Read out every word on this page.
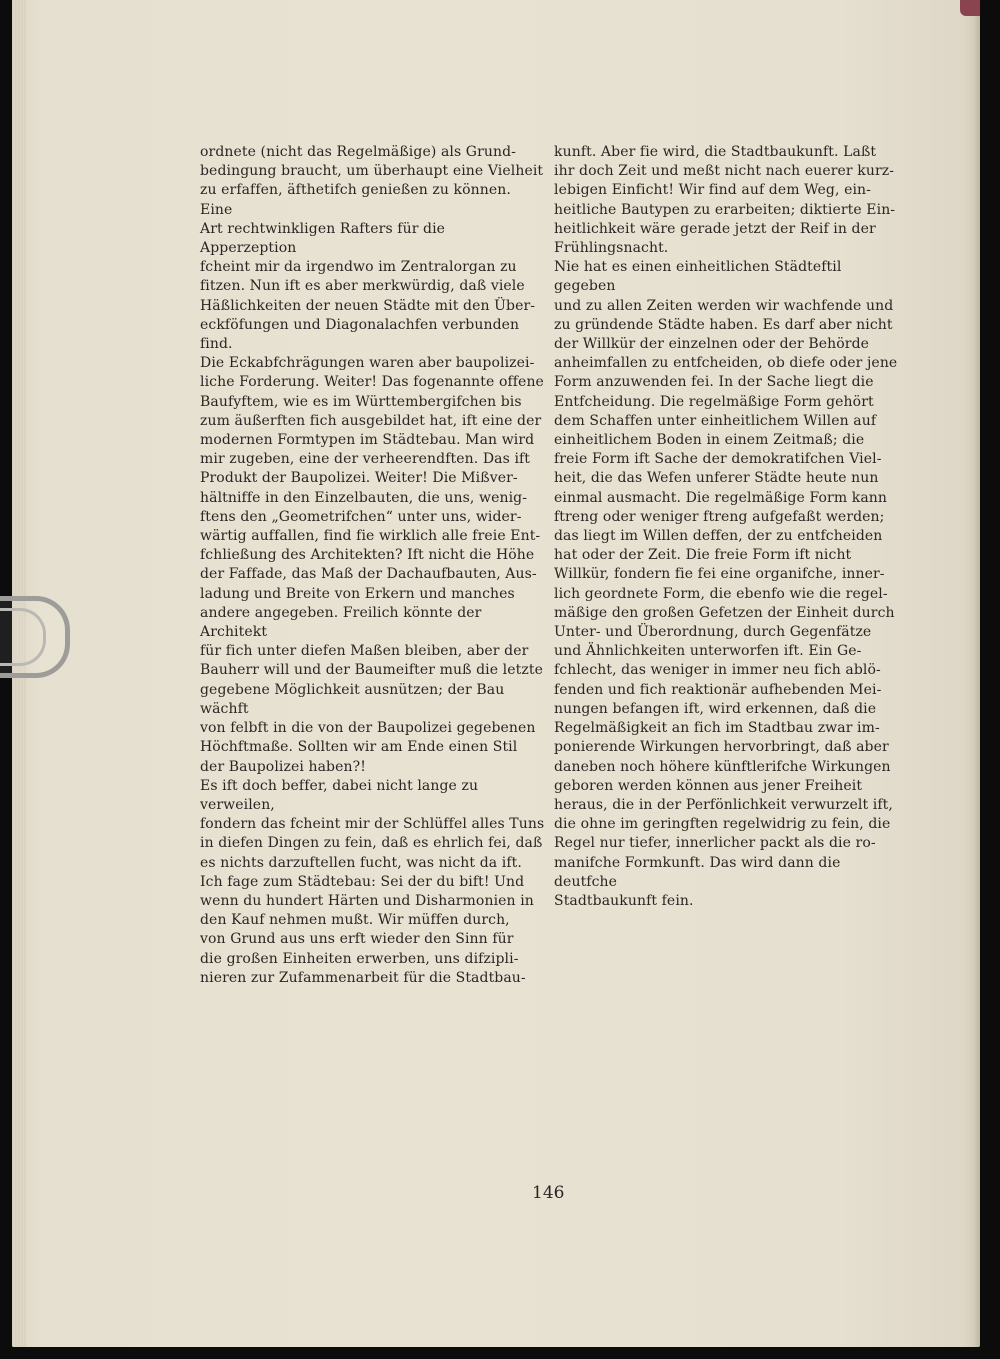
ordnete (nicht das Regelmäßige) als Grund-
bedingung braucht, um überhaupt eine Vielheit
zu erfaffen, äfthetifch genießen zu können. Eine
Art rechtwinkligen Rafters für die Apperzeption
fcheint mir da irgendwo im Zentralorgan zu
fitzen. Nun ift es aber merkwürdig, daß viele
Häßlichkeiten der neuen Städte mit den Über-
eckföfungen und Diagonalachfen verbunden find.
Die Eckabfchrägungen waren aber baupolizei-
liche Forderung. Weiter! Das fogenannte offene
Baufyftem, wie es im Württembergifchen bis
zum äußerften fich ausgebildet hat, ift eine der
modernen Formtypen im Städtebau. Man wird
mir zugeben, eine der verheerendften. Das ift
Produkt der Baupolizei. Weiter! Die Mißver-
hältniffe in den Einzelbauten, die uns, wenig-
ftens den „Geometrifchen“ unter uns, wider-
wärtig auffallen, find fie wirklich alle freie Ent-
fchließung des Architekten? Ift nicht die Höhe
der Faffade, das Maß der Dachaufbauten, Aus-
ladung und Breite von Erkern und manches
andere angegeben. Freilich könnte der Architekt
für fich unter diefen Maßen bleiben, aber der
Bauherr will und der Baumeifter muß die letzte
gegebene Möglichkeit ausnützen; der Bau wächft
von felbft in die von der Baupolizei gegebenen
Höchftmaße. Sollten wir am Ende einen Stil
der Baupolizei haben?!

Es ift doch beffer, dabei nicht lange zu verweilen,
fondern das fcheint mir der Schlüffel alles Tuns
in diefen Dingen zu fein, daß es ehrlich fei, daß
es nichts darzuftellen fucht, was nicht da ift.
Ich fage zum Städtebau: Sei der du bift! Und
wenn du hundert Härten und Disharmonien in
den Kauf nehmen mußt. Wir müffen durch,
von Grund aus uns erft wieder den Sinn für
die großen Einheiten erwerben, uns difzipli-
nieren zur Zufammenarbeit für die Stadtbau-

kunft. Aber fie wird, die Stadtbaukunft. Laßt
ihr doch Zeit und meßt nicht nach euerer kurz-
lebigen Einficht! Wir find auf dem Weg, ein-
heitliche Bautypen zu erarbeiten; diktierte Ein-
heitlichkeit wäre gerade jetzt der Reif in der
Frühlingsnacht.

Nie hat es einen einheitlichen Städteftil gegeben
und zu allen Zeiten werden wir wachfende und
zu gründende Städte haben. Es darf aber nicht
der Willkür der einzelnen oder der Behörde
anheimfallen zu entfcheiden, ob diefe oder jene
Form anzuwenden fei. In der Sache liegt die
Entfcheidung. Die regelmäßige Form gehört
dem Schaffen unter einheitlichem Willen auf
einheitlichem Boden in einem Zeitmaß; die
freie Form ift Sache der demokratifchen Viel-
heit, die das Wefen unferer Städte heute nun
einmal ausmacht. Die regelmäßige Form kann
ftreng oder weniger ftreng aufgefaßt werden;
das liegt im Willen deffen, der zu entfcheiden
hat oder der Zeit. Die freie Form ift nicht
Willkür, fondern fie fei eine organifche, inner-
lich geordnete Form, die ebenfo wie die regel-
mäßige den großen Gefetzen der Einheit durch
Unter- und Überordnung, durch Gegenfätze
und Ähnlichkeiten unterworfen ift. Ein Ge-
fchlecht, das weniger in immer neu fich ablö-
fenden und fich reaktionär aufhebenden Mei-
nungen befangen ift, wird erkennen, daß die
Regelmäßigkeit an fich im Stadtbau zwar im-
ponierende Wirkungen hervorbringt, daß aber
daneben noch höhere künftlerifche Wirkungen
geboren werden können aus jener Freiheit
heraus, die in der Perfönlichkeit verwurzelt ift,
die ohne im geringften regelwidrig zu fein, die
Regel nur tiefer, innerlicher packt als die ro-
manifche Formkunft. Das wird dann die deutfche
Stadtbaukunft fein.

146
